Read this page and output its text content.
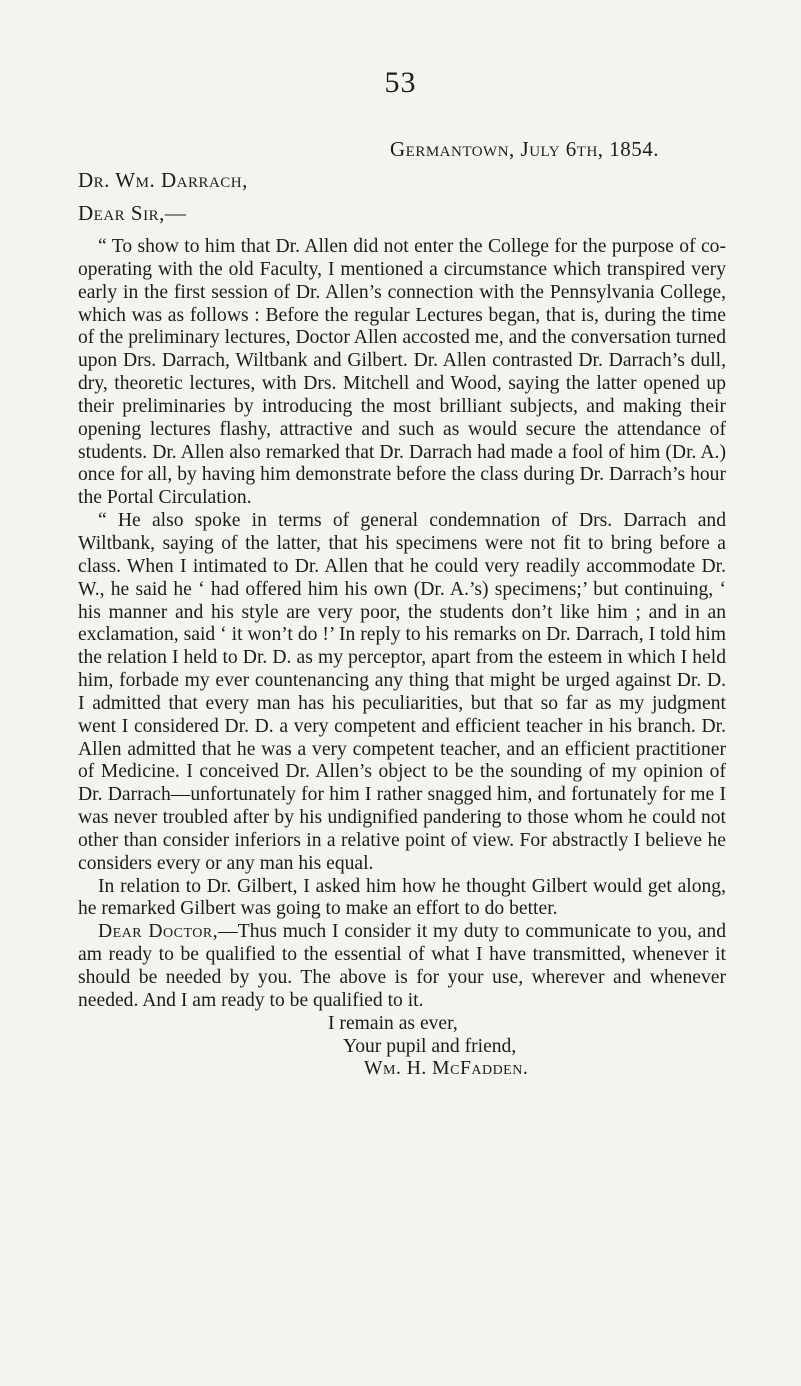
53
Germantown, July 6th, 1854.
Dr. Wm. Darrach,
Dear Sir,—

“ To show to him that Dr. Allen did not enter the College for the purpose of co-operating with the old Faculty, I mentioned a circumstance which transpired very early in the first session of Dr. Allen’s connection with the Pennsylvania College, which was as follows : Before the regular Lectures began, that is, during the time of the preliminary lectures, Doctor Allen accosted me, and the conversation turned upon Drs. Darrach, Wiltbank and Gilbert. Dr. Allen contrasted Dr. Darrach’s dull, dry, theoretic lectures, with Drs. Mitchell and Wood, saying the latter opened up their preliminaries by introducing the most brilliant subjects, and making their opening lectures flashy, attractive and such as would secure the attendance of students. Dr. Allen also remarked that Dr. Darrach had made a fool of him (Dr. A.) once for all, by having him demonstrate before the class during Dr. Darrach’s hour the Portal Circulation.

“ He also spoke in terms of general condemnation of Drs. Darrach and Wiltbank, saying of the latter, that his specimens were not fit to bring before a class. When I intimated to Dr. Allen that he could very readily accommodate Dr. W., he said he ‘ had offered him his own (Dr. A.’s) specimens;’ but continuing, ‘ his manner and his style are very poor, the students don’t like him ; and in an exclamation, said ‘ it won’t do !’ In reply to his remarks on Dr. Darrach, I told him the relation I held to Dr. D. as my perceptor, apart from the esteem in which I held him, forbade my ever countenancing any thing that might be urged against Dr. D. I admitted that every man has his peculiarities, but that so far as my judgment went I considered Dr. D. a very competent and efficient teacher in his branch. Dr. Allen admitted that he was a very competent teacher, and an efficient practitioner of Medicine. I conceived Dr. Allen’s object to be the sounding of my opinion of Dr. Darrach—unfortunately for him I rather snagged him, and fortunately for me I was never troubled after by his undignified pandering to those whom he could not other than consider inferiors in a relative point of view. For abstractly I believe he considers every or any man his equal.

In relation to Dr. Gilbert, I asked him how he thought Gilbert would get along, he remarked Gilbert was going to make an effort to do better.

Dear Doctor,—Thus much I consider it my duty to communicate to you, and am ready to be qualified to the essential of what I have transmitted, whenever it should be needed by you. The above is for your use, wherever and whenever needed. And I am ready to be qualified to it.

I remain as ever,

Your pupil and friend,

Wm. H. McFadden.
